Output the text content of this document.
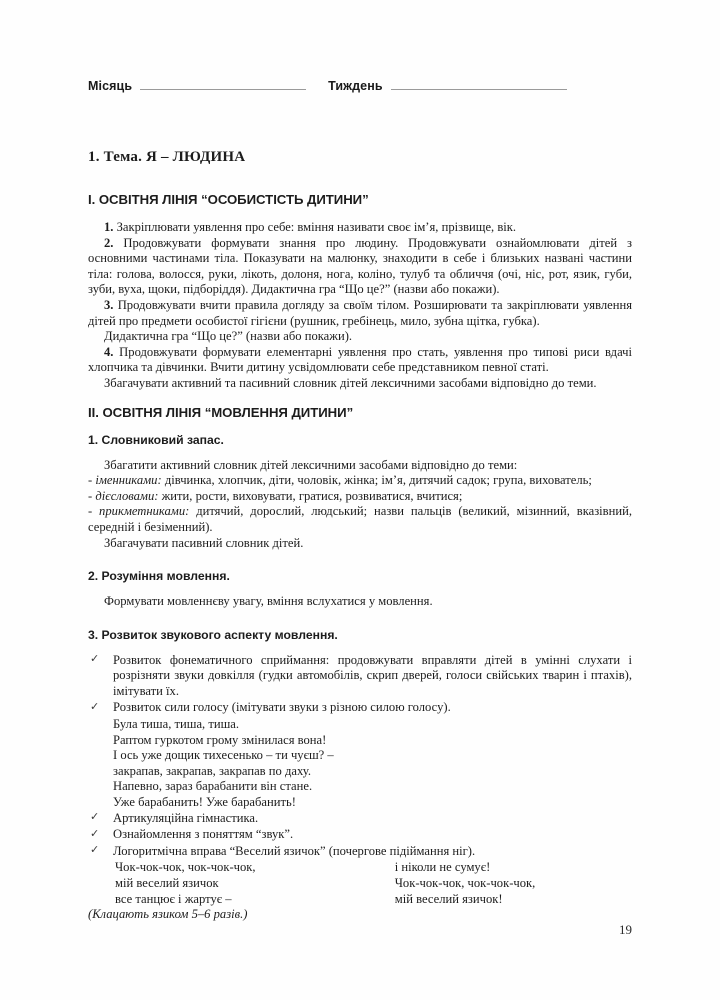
Місяць	Тиждень
1. Тема. Я – ЛЮДИНА
I. ОСВІТНЯ ЛІНІЯ “ОСОБИСТІСТЬ ДИТИНИ”

1. Закріплювати уявлення про себе: вміння називати своє ім’я, прізвище, вік.

2. Продовжувати формувати знання про людину. Продовжувати ознайомлювати дітей з основними частинами тіла. Показувати на малюнку, знаходити в себе і близьких названі частини тіла: голова, волосся, руки, лікоть, долоня, нога, коліно, тулуб та обличчя (очі, ніс, рот, язик, губи, зуби, вуха, щоки, підборіддя). Дидактична гра “Що це?” (назви або покажи).

3. Продовжувати вчити правила догляду за своїм тілом. Розширювати та закріплювати уявлення дітей про предмети особистої гігієни (рушник, гребінець, мило, зубна щітка, губка).

Дидактична гра “Що це?” (назви або покажи).

4. Продовжувати формувати елементарні уявлення про стать, уявлення про типові риси вдачі хлопчика та дівчинки. Вчити дитину усвідомлювати себе представником певної статі.

Збагачувати активний та пасивний словник дітей лексичними засобами відповідно до теми.

II. ОСВІТНЯ ЛІНІЯ “МОВЛЕННЯ ДИТИНИ”
1. Словниковий запас.

Збагатити активний словник дітей лексичними засобами відповідно до теми:

- іменниками: дівчинка, хлопчик, діти, чоловік, жінка; ім’я, дитячий садок; група, вихователь;

- дієсловами: жити, рости, виховувати, гратися, розвиватися, вчитися;

- прикметниками: дитячий, дорослий, людський; назви пальців (великий, мізинний, вказівний, середній і безіменний).

Збагачувати пасивний словник дітей.

2. Розуміння мовлення.

Формувати мовленнєву увагу, вміння вслухатися у мовлення.

3. Розвиток звукового аспекту мовлення.
✓ Розвиток фонематичного сприймання: продовжувати вправляти дітей в умінні слухати і розрізняти звуки довкілля (гудки автомобілів, скрип дверей, голоси свійських тварин і птахів), імітувати їх.
✓ Розвиток сили голосу (імітувати звуки з різною силою голосу).
Була тиша, тиша, тиша.
Раптом гуркотом грому змінилася вона!
І ось уже дощик тихесенько – ти чуєш? –
закрапав, закрапав, закрапав по даху.
Напевно, зараз барабанити він стане.
Уже барабанить! Уже барабанить!
✓ Артикуляційна гімнастика.
✓ Ознайомлення з поняттям “звук”.
✓ Логоритмічна вправа “Веселий язичок” (почергове підіймання ніг).
Чок-чок-чок, чок-чок-чок,
мій веселий язичок
все танцює і жартує –
і ніколи не сумує!
Чок-чок-чок, чок-чок-чок,
мій веселий язичок!

(Клацають язиком 5–6 разів.)

19
